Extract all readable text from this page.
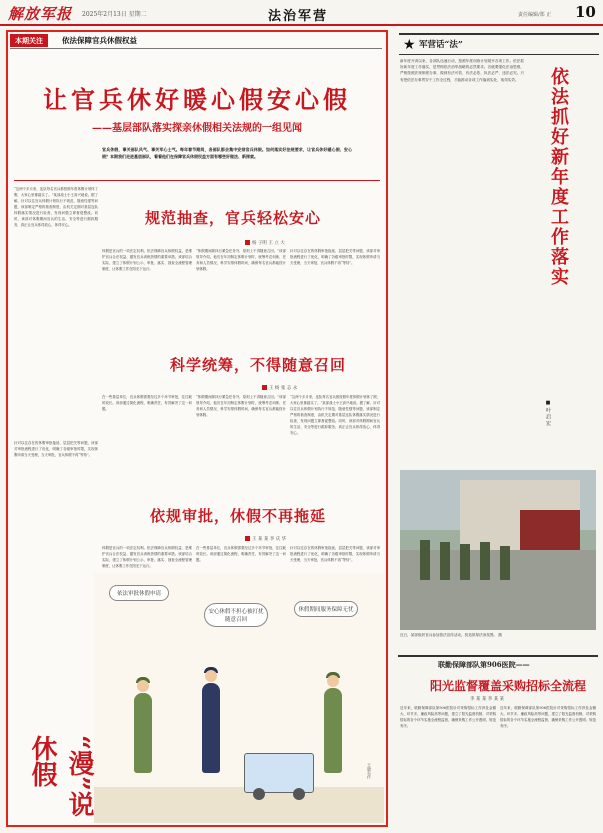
解放军报 2025年2月13日 星期二	法治军营	责任编辑/郑 正 10
本期关注	依法保障官兵休假权益
让官兵休好暖心假安心假
——基层部队落实探亲休假相关法规的一组见闻
官兵休假，事关部队风气、事关军心士气。每年春节期间，各部队都会集中安排官兵休假。如何落实好法规要求，让官兵休好暖心假、安心假？本期我们走进基层部队，看看他们在保障官兵休假权益方面有哪些好做法、新探索。
“这两个多月来，连队每名官兵都按照年度休假计划休了假，大家心里都踏实了。”某部战士小王高兴地说。据了解，针对以往官兵休假计划执行不规范、随意性强等问题，该部制定严格的抽查制度，由机关定期对基层连队休假落实情况进行检查，发现问题立即督促整改。同时，该部对休假期间官兵的生活、安全等进行跟踪服务，真正让官兵休得放心、休得安心。	规范抽查，官兵轻松安心
杨 子明 王 立 大
休假是官兵的一项法定权利。依法保障官兵休假权益，是维护官兵合法权益、激发官兵训练热情的重要举措。该部结合实际，建立了休假计划公示、审批、落实、抽查全流程管理制度，让休假工作在阳光下运行。
“休假期间除执行紧急任务外，原则上不得随意召回。”该部领导介绍，他们在年初制定休假计划时，统筹考虑训练、任务和人员情况，科学安排休假时间，确保每名官兵都能按计划休假。
针对以往存在的休假审批拖延、层层把关等问题，该部对审批流程进行了优化，明确了各级审批时限，实现休假申请当天受理、当天审批，官兵休假不再“等待”。
科学统筹，不得随意召回
王 杨 张 志 永
在一些基层单位，官兵休假需要经过多个环节审批，往往耗时较长。该部通过简化流程、明确责任，有效解决了这一问题。
“休假期间除执行紧急任务外，原则上不得随意召回。”该部领导介绍，他们在年初制定休假计划时，统筹考虑训练、任务和人员情况，科学安排休假时间，确保每名官兵都能按计划休假。
“这两个多月来，连队每名官兵都按照年度休假计划休了假，大家心里都踏实了。”某部战士小王高兴地说。据了解，针对以往官兵休假计划执行不规范、随意性强等问题，该部制定严格的抽查制度，由机关定期对基层连队休假落实情况进行检查，发现问题立即督促整改。同时，该部对休假期间官兵的生活、安全等进行跟踪服务，真正让官兵休得放心、休得安心。
针对以往存在的休假审批拖延、层层把关等问题，该部对审批流程进行了优化，明确了各级审批时限，实现休假申请当天受理、当天审批，官兵休假不再“等待”。
依规审批，休假不再拖延
王 某 某 李 庆 华
休假是官兵的一项法定权利。依法保障官兵休假权益，是维护官兵合法权益、激发官兵训练热情的重要举措。该部结合实际，建立了休假计划公示、审批、落实、抽查全流程管理制度，让休假工作在阳光下运行。
在一些基层单位，官兵休假需要经过多个环节审批，往往耗时较长。该部通过简化流程、明确责任，有效解决了这一问题。
针对以往存在的休假审批拖延、层层把关等问题，该部对审批流程进行了优化，明确了各级审批时限，实现休假申请当天受理、当天审批，官兵休假不再“等待”。
依法审批休假申请
安心休假不担心被打扰随意召回
休假期间服务保障无忧
王晓东作
“漫”说休假
★ 军营话“法”
新年度开训以来，各部队迅速行动，按照年度训练计划展开各项工作。依法抓好新年度工作落实，是贯彻依法治军战略的必然要求。各级要强化法治思维，严格按照法规制度办事，做到有法可依、有法必依、执法必严、违法必究。只有把依法办事贯穿于工作全过程，才能推动各项工作落到实处、取得实效。	依
法
抓
好
新
年
度
工
作
落
实
■ 叶 启 宏
近日，某部组织官兵参加普法宣传活动，营造浓厚法治氛围。 摄
联勤保障部队第906医院——
阳光监督覆盖采购招标全流程
李 某 某 李 某 某
近年来，联勤保障部队第906医院针对采购招标工作涉及金额大、环节多、廉政风险高等问题，建立了阳光监督机制，对采购招标的各个环节实施全流程监督，确保采购工作公开透明、规范有序。
近年来，联勤保障部队第906医院针对采购招标工作涉及金额大、环节多、廉政风险高等问题，建立了阳光监督机制，对采购招标的各个环节实施全流程监督，确保采购工作公开透明、规范有序。
